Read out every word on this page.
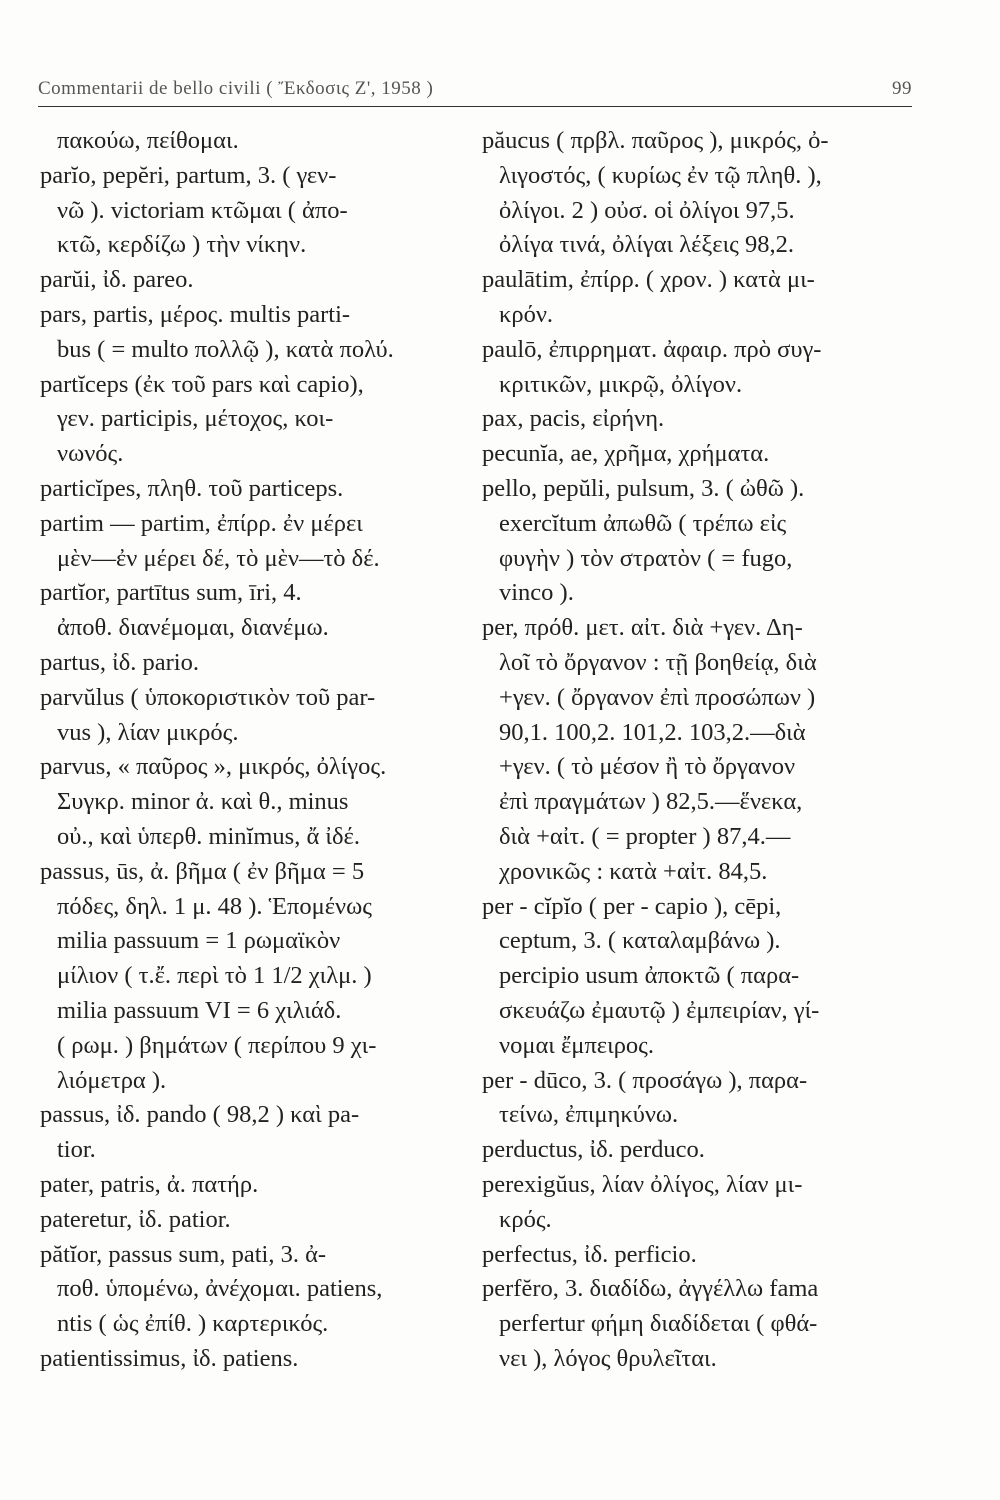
Commentarii de bello civili ( Ἔκδοσις Ζ', 1958 )	99
πακούω, πείθομαι.
parĭo, pepĕri, partum, 3. ( γεν-
νῶ ). victoriam κτῶμαι ( ἀπο-
κτῶ, κερδίζω ) τὴν νίκην.
parŭi, ἰδ. pareo.
pars, partis, μέρος. multis parti-
bus ( = multo πολλῷ ), κατὰ πολύ.
partĭceps (ἐκ τοῦ pars καὶ capio),
γεν. participis, μέτοχος, κοι-
νωνός.
particĭpes, πληθ. τοῦ particeps.
partim — partim, ἐπίρρ. ἐν μέρει
μὲν—ἐν μέρει δέ, τὸ μὲν—τὸ δέ.
partĭor, partītus sum, īri, 4.
ἀποθ. διανέμομαι, διανέμω.
partus, ἰδ. pario.
parvŭlus ( ὑποκοριστικὸν τοῦ par-
vus ), λίαν μικρός.
parvus, « παῦρος », μικρός, ὀλίγος.
Συγκρ. minor ἀ. καὶ θ., minus
οὐ., καὶ ὑπερθ. minĭmus, ἄ ἰδέ.
passus, ūs, ἀ. βῆμα ( ἐν βῆμα = 5
πόδες, δηλ. 1 μ. 48 ). Ἑπομένως
milia passuum = 1 ρωμαϊκὸν
μίλιον ( τ.ἔ. περὶ τὸ 1 1/2 χιλμ. )
milia passuum VI = 6 χιλιάδ.
( ρωμ. ) βημάτων ( περίπου 9 χι-
λιόμετρα ).
passus, ἰδ. pando ( 98,2 ) καὶ pa-
tior.
pater, patris, ἀ. πατήρ.
pateretur, ἰδ. patior.
pătĭor, passus sum, pati, 3. ἀ-
ποθ. ὑπομένω, ἀνέχομαι. patiens,
ntis ( ὡς ἐπίθ. ) καρτερικός.
patientissimus, ἰδ. patiens.
păucus ( πρβλ. παῦρος ), μικρός, ὀ-
λιγοστός, ( κυρίως ἐν τῷ πληθ. ),
ὀλίγοι. 2 ) οὐσ. οἱ ὀλίγοι 97,5.
ὀλίγα τινά, ὀλίγαι λέξεις 98,2.
paulātim, ἐπίρρ. ( χρον. ) κατὰ μι-
κρόν.
paulō, ἐπιρρηματ. ἀφαιρ. πρὸ συγ-
κριτικῶν, μικρῷ, ὀλίγον.
pax, pacis, εἰρήνη.
pecunĭa, ae, χρῆμα, χρήματα.
pello, pepŭli, pulsum, 3. ( ὠθῶ ).
exercĭtum ἀπωθῶ ( τρέπω εἰς
φυγὴν ) τὸν στρατὸν ( = fugo,
vinco ).
per, πρόθ. μετ. αἰτ. διὰ +γεν. Δη-
λοῖ τὸ ὄργανον : τῇ βοηθείᾳ, διὰ
+γεν. ( ὄργανον ἐπὶ προσώπων )
90,1. 100,2. 101,2. 103,2.—διὰ
+γεν. ( τὸ μέσον ἢ τὸ ὄργανον
ἐπὶ πραγμάτων ) 82,5.—ἕνεκα,
διὰ +αἰτ. ( = propter ) 87,4.—
χρονικῶς : κατὰ +αἰτ. 84,5.
per - cĭpĭo ( per - capio ), cēpi,
ceptum, 3. ( καταλαμβάνω ).
percipio usum ἀποκτῶ ( παρα-
σκευάζω ἐμαυτῷ ) ἐμπειρίαν, γί-
νομαι ἔμπειρος.
per - dūco, 3. ( προσάγω ), παρα-
τείνω, ἐπιμηκύνω.
perductus, ἰδ. perduco.
perexigŭus, λίαν ὀλίγος, λίαν μι-
κρός.
perfectus, ἰδ. perficio.
perfĕro, 3. διαδίδω, ἀγγέλλω fama
perfertur φήμη διαδίδεται ( φθά-
νει ), λόγος θρυλεῖται.
